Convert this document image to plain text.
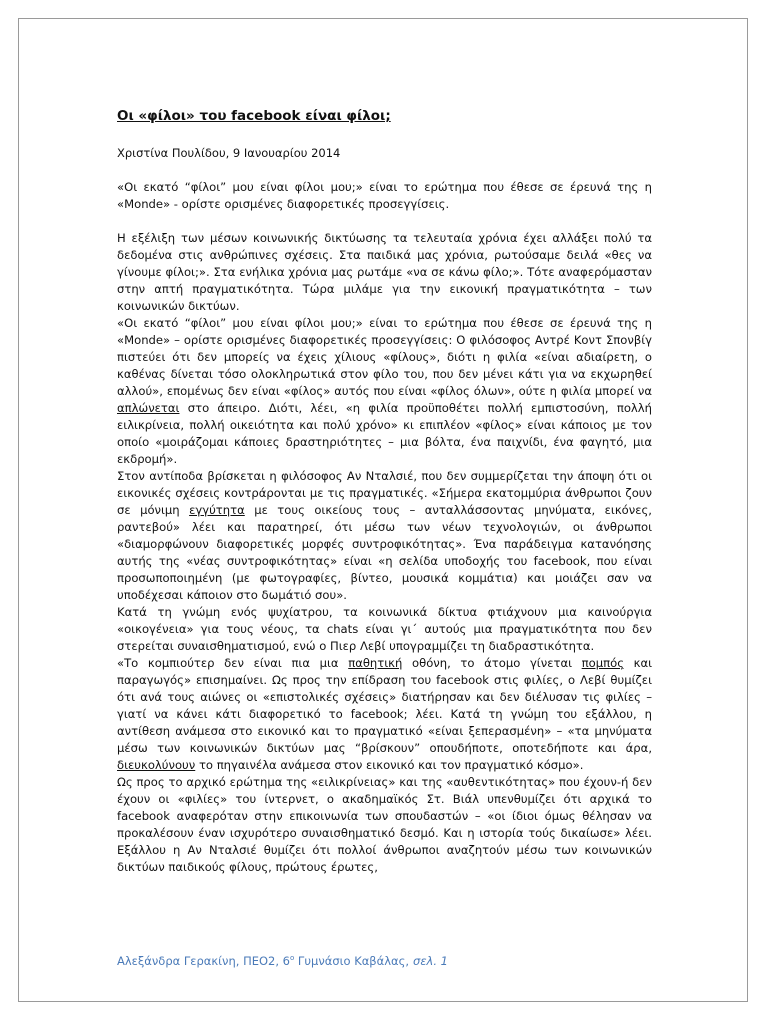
Οι «φίλοι» του facebook είναι φίλοι;
Χριστίνα Πουλίδου, 9 Ιανουαρίου 2014

«Οι εκατό “φίλοι” μου είναι φίλοι μου;» είναι το ερώτημα που έθεσε σε έρευνά της η «Monde» - ορίστε ορισμένες διαφορετικές προσεγγίσεις.

Η εξέλιξη των μέσων κοινωνικής δικτύωσης τα τελευταία χρόνια έχει αλλάξει πολύ τα δεδομένα στις ανθρώπινες σχέσεις. Στα παιδικά μας χρόνια, ρωτούσαμε δειλά «θες να γίνουμε φίλοι;». Στα ενήλικα χρόνια μας ρωτάμε «να σε κάνω φίλο;». Τότε αναφερόμασταν στην απτή πραγματικότητα. Τώρα μιλάμε για την εικονική πραγματικότητα – των κοινωνικών δικτύων.

«Οι εκατό “φίλοι” μου είναι φίλοι μου;» είναι το ερώτημα που έθεσε σε έρευνά της η «Monde» – ορίστε ορισμένες διαφορετικές προσεγγίσεις: Ο φιλόσοφος Αντρέ Κοντ Σπονβίγ πιστεύει ότι δεν μπορείς να έχεις χίλιους «φίλους», διότι η φιλία «είναι αδιαίρετη, ο καθένας δίνεται τόσο ολοκληρωτικά στον φίλο του, που δεν μένει κάτι για να εκχωρηθεί αλλού», επομένως δεν είναι «φίλος» αυτός που είναι «φίλος όλων», ούτε η φιλία μπορεί να απλώνεται στο άπειρο. Διότι, λέει, «η φιλία προϋποθέτει πολλή εμπιστοσύνη, πολλή ειλικρίνεια, πολλή οικειότητα και πολύ χρόνο» κι επιπλέον «φίλος» είναι κάποιος με τον οποίο «μοιράζομαι κάποιες δραστηριότητες – μια βόλτα, ένα παιχνίδι, ένα φαγητό, μια εκδρομή».

Στον αντίποδα βρίσκεται η φιλόσοφος Αν Νταλσιέ, που δεν συμμερίζεται την άποψη ότι οι εικονικές σχέσεις κοντράρονται με τις πραγματικές. «Σήμερα εκατομμύρια άνθρωποι ζουν σε μόνιμη εγγύτητα με τους οικείους τους – ανταλλάσσοντας μηνύματα, εικόνες, ραντεβού» λέει και παρατηρεί, ότι μέσω των νέων τεχνολογιών, οι άνθρωποι «διαμορφώνουν διαφορετικές μορφές συντροφικότητας». Ένα παράδειγμα κατανόησης αυτής της «νέας συντροφικότητας» είναι «η σελίδα υποδοχής του facebook, που είναι προσωποποιημένη (με φωτογραφίες, βίντεο, μουσικά κομμάτια) και μοιάζει σαν να υποδέχεσαι κάποιον στο δωμάτιό σου».

Κατά τη γνώμη ενός ψυχίατρου, τα κοινωνικά δίκτυα φτιάχνουν μια καινούργια «οικογένεια» για τους νέους, τα chats είναι γι΄ αυτούς μια πραγματικότητα που δεν στερείται συναισθηματισμού, ενώ ο Πιερ Λεβί υπογραμμίζει τη διαδραστικότητα.

«Το κομπιούτερ δεν είναι πια μια παθητική οθόνη, το άτομο γίνεται πομπός και παραγωγός» επισημαίνει. Ως προς την επίδραση του facebook στις φιλίες, ο Λεβί θυμίζει ότι ανά τους αιώνες οι «επιστολικές σχέσεις» διατήρησαν και δεν διέλυσαν τις φιλίες – γιατί να κάνει κάτι διαφορετικό το facebook; λέει. Κατά τη γνώμη του εξάλλου, η αντίθεση ανάμεσα στο εικονικό και το πραγματικό «είναι ξεπερασμένη» – «τα μηνύματα μέσω των κοινωνικών δικτύων μας “βρίσκουν” οπουδήποτε, οποτεδήποτε και άρα, διευκολύνουν το πηγαινέλα ανάμεσα στον εικονικό και τον πραγματικό κόσμο».

Ως προς το αρχικό ερώτημα της «ειλικρίνειας» και της «αυθεντικότητας» που έχουν-ή δεν έχουν οι «φιλίες» του ίντερνετ, ο ακαδημαϊκός Στ. Βιάλ υπενθυμίζει ότι αρχικά το facebook αναφερόταν στην επικοινωνία των σπουδαστών – «οι ίδιοι όμως θέλησαν να προκαλέσουν έναν ισχυρότερο συναισθηματικό δεσμό. Και η ιστορία τούς δικαίωσε» λέει. Εξάλλου η Αν Νταλσιέ θυμίζει ότι πολλοί άνθρωποι αναζητούν μέσω των κοινωνικών δικτύων παιδικούς φίλους, πρώτους έρωτες,

Αλεξάνδρα Γερακίνη, ΠΕΟ2, $6^o$ Γυμνάσιο Καβάλας, σελ. 1
